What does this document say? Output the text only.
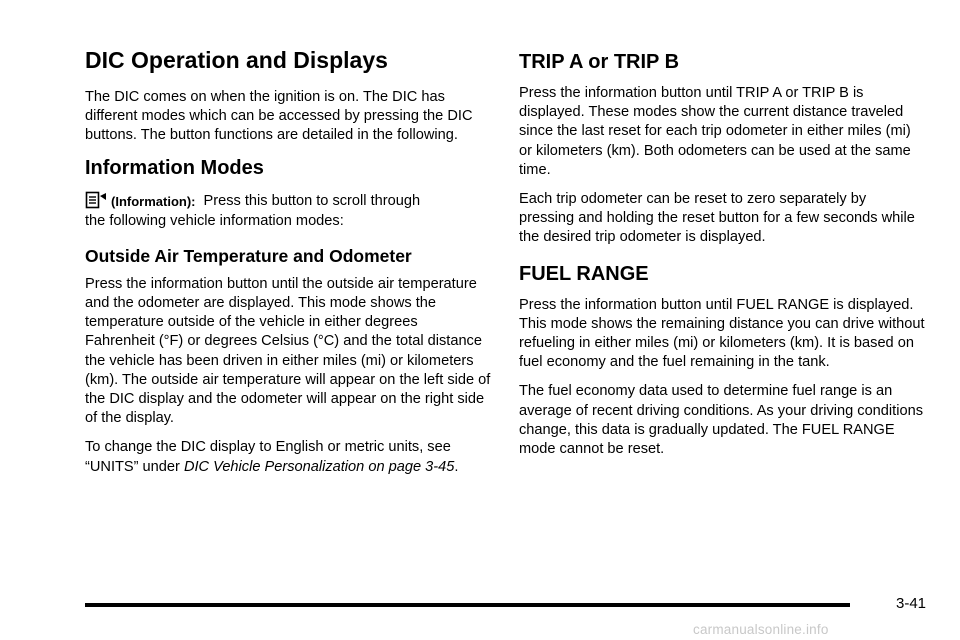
DIC Operation and Displays

The DIC comes on when the ignition is on. The DIC has different modes which can be accessed by pressing the DIC buttons. The button functions are detailed in the following.

Information Modes
(Information): Press this button to scroll through

the following vehicle information modes:

Outside Air Temperature and Odometer

Press the information button until the outside air temperature and the odometer are displayed. This mode shows the temperature outside of the vehicle in either degrees Fahrenheit (°F) or degrees Celsius (°C) and the total distance the vehicle has been driven in either miles (mi) or kilometers (km). The outside air temperature will appear on the left side of the DIC display and the odometer will appear on the right side of the display.

To change the DIC display to English or metric units, see “UNITS” under DIC Vehicle Personalization on page 3-45.

TRIP A or TRIP B

Press the information button until TRIP A or TRIP B is displayed. These modes show the current distance traveled since the last reset for each trip odometer in either miles (mi) or kilometers (km). Both odometers can be used at the same time.

Each trip odometer can be reset to zero separately by pressing and holding the reset button for a few seconds while the desired trip odometer is displayed.

FUEL RANGE

Press the information button until FUEL RANGE is displayed. This mode shows the remaining distance you can drive without refueling in either miles (mi) or kilometers (km). It is based on fuel economy and the fuel remaining in the tank.

The fuel economy data used to determine fuel range is an average of recent driving conditions. As your driving conditions change, this data is gradually updated. The FUEL RANGE mode cannot be reset.

3-41
carmanualsonline.info
